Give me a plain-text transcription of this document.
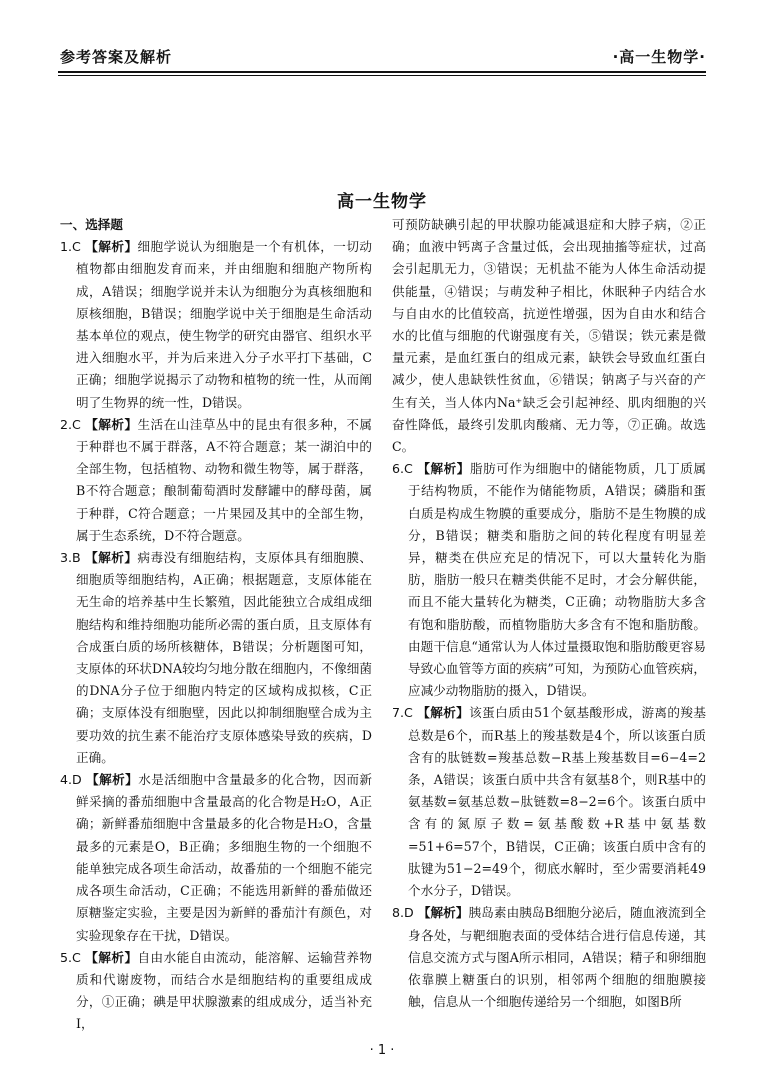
参考答案及解析	·高一生物学·
高一生物学
一、选择题

1.C 【解析】细胞学说认为细胞是一个有机体，一切动植物都由细胞发育而来，并由细胞和细胞产物所构成，A错误；细胞学说并未认为细胞分为真核细胞和原核细胞，B错误；细胞学说中关于细胞是生命活动基本单位的观点，使生物学的研究由器官、组织水平进入细胞水平，并为后来进入分子水平打下基础，C正确；细胞学说揭示了动物和植物的统一性，从而阐明了生物界的统一性，D错误。

2.C 【解析】生活在山洼草丛中的昆虫有很多种，不属于种群也不属于群落，A不符合题意；某一湖泊中的全部生物，包括植物、动物和微生物等，属于群落，B不符合题意；酿制葡萄酒时发酵罐中的酵母菌，属于种群，C符合题意；一片果园及其中的全部生物，属于生态系统，D不符合题意。

3.B 【解析】病毒没有细胞结构，支原体具有细胞膜、细胞质等细胞结构，A正确；根据题意，支原体能在无生命的培养基中生长繁殖，因此能独立合成组成细胞结构和维持细胞功能所必需的蛋白质，且支原体有合成蛋白质的场所核糖体，B错误；分析题图可知，支原体的环状DNA较均匀地分散在细胞内，不像细菌的DNA分子位于细胞内特定的区域构成拟核，C正确；支原体没有细胞壁，因此以抑制细胞壁合成为主要功效的抗生素不能治疗支原体感染导致的疾病，D正确。

4.D 【解析】水是活细胞中含量最多的化合物，因而新鲜采摘的番茄细胞中含量最高的化合物是H₂O，A正确；新鲜番茄细胞中含量最多的化合物是H₂O，含量最多的元素是O，B正确；多细胞生物的一个细胞不能单独完成各项生命活动，故番茄的一个细胞不能完成各项生命活动，C正确；不能选用新鲜的番茄做还原糖鉴定实验，主要是因为新鲜的番茄汁有颜色，对实验现象存在干扰，D错误。

5.C 【解析】自由水能自由流动，能溶解、运输营养物质和代谢废物，而结合水是细胞结构的重要组成成分，①正确；碘是甲状腺激素的组成成分，适当补充I，

可预防缺碘引起的甲状腺功能减退症和大脖子病，②正确；血液中钙离子含量过低，会出现抽搐等症状，过高会引起肌无力，③错误；无机盐不能为人体生命活动提供能量，④错误；与萌发种子相比，休眠种子内结合水与自由水的比值较高，抗逆性增强，因为自由水和结合水的比值与细胞的代谢强度有关，⑤错误；铁元素是微量元素，是血红蛋白的组成元素，缺铁会导致血红蛋白减少，使人患缺铁性贫血，⑥错误；钠离子与兴奋的产生有关，当人体内Na⁺缺乏会引起神经、肌肉细胞的兴奋性降低，最终引发肌肉酸痛、无力等，⑦正确。故选C。

6.C 【解析】脂肪可作为细胞中的储能物质，几丁质属于结构物质，不能作为储能物质，A错误；磷脂和蛋白质是构成生物膜的重要成分，脂肪不是生物膜的成分，B错误；糖类和脂肪之间的转化程度有明显差异，糖类在供应充足的情况下，可以大量转化为脂肪，脂肪一般只在糖类供能不足时，才会分解供能，而且不能大量转化为糖类，C正确；动物脂肪大多含有饱和脂肪酸，而植物脂肪大多含有不饱和脂肪酸。由题干信息“通常认为人体过量摄取饱和脂肪酸更容易导致心血管等方面的疾病”可知，为预防心血管疾病，应减少动物脂肪的摄入，D错误。

7.C 【解析】该蛋白质由51个氨基酸形成，游离的羧基总数是6个，而R基上的羧基数是4个，所以该蛋白质含有的肽链数=羧基总数−R基上羧基数目=6−4=2条，A错误；该蛋白质中共含有氨基8个，则R基中的氨基数=氨基总数−肽链数=8−2=6个。该蛋白质中含有的氮原子数=氨基酸数+R基中氨基数=51+6=57个，B错误，C正确；该蛋白质中含有的肽键为51−2=49个，彻底水解时，至少需要消耗49个水分子，D错误。

8.D 【解析】胰岛素由胰岛B细胞分泌后，随血液流到全身各处，与靶细胞表面的受体结合进行信息传递，其信息交流方式与图A所示相同，A错误；精子和卵细胞依靠膜上糖蛋白的识别，相邻两个细胞的细胞膜接触，信息从一个细胞传递给另一个细胞，如图B所

· 1 ·
